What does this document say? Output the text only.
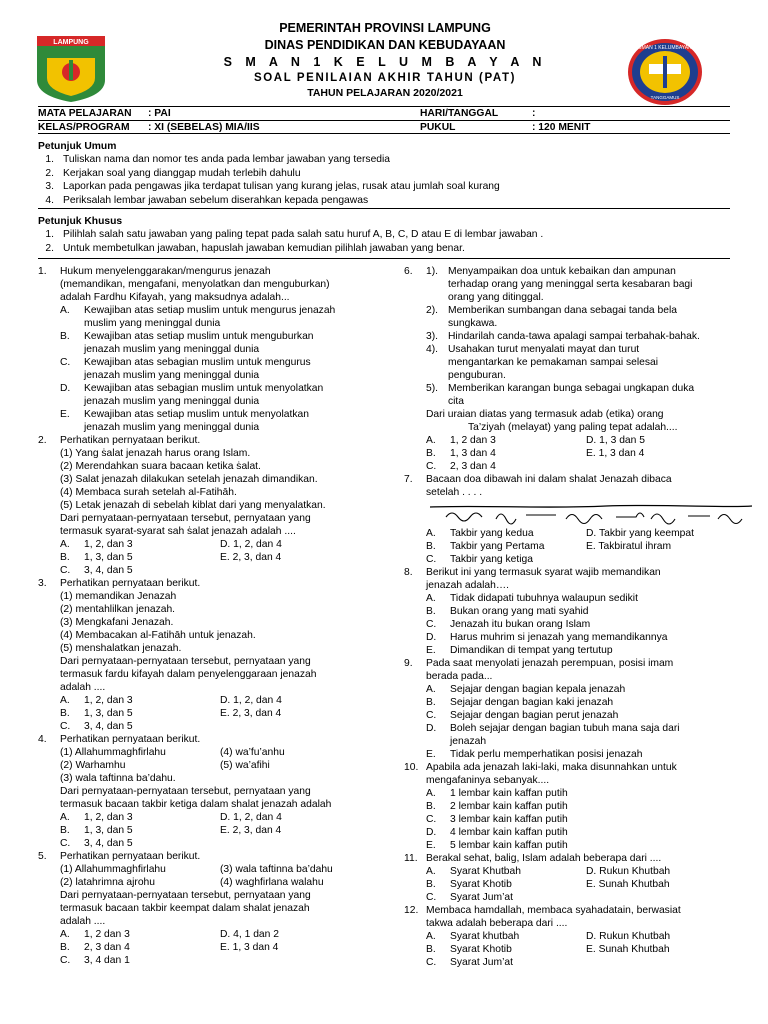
LAMPUNG
PEMERINTAH PROVINSI LAMPUNG
DINAS PENDIDIKAN DAN KEBUDAYAAN
S M A N 1 K E L U M B A Y A N
SOAL PENILAIAN AKHIR TAHUN (PAT)
TAHUN PELAJARAN 2020/2021
SMAN 1 KELUMBAYAN
TANGGAMUS
MATA PELAJARAN	: PAI	HARI/TANGGAL	:
KELAS/PROGRAM	: XI (SEBELAS) MIA/IIS	PUKUL	: 120 MENIT
Petunjuk Umum
1. Tuliskan nama dan nomor tes anda pada lembar jawaban yang tersedia
2. Kerjakan soal yang dianggap mudah terlebih dahulu
3. Laporkan pada pengawas jika terdapat tulisan yang kurang jelas, rusak atau jumlah soal kurang
4. Periksalah lembar jawaban sebelum diserahkan kepada pengawas
Petunjuk Khusus
1. Pilihlah salah satu jawaban yang paling tepat pada salah satu huruf A, B, C, D atau E di lembar jawaban .
2. Untuk membetulkan jawaban, hapuslah jawaban kemudian pilihlah jawaban yang benar.
1.	Hukum menyelenggarakan/mengurus jenazah
(memandikan, mengafani, menyolatkan dan menguburkan)
adalah Fardhu Kifayah, yang maksudnya adalah...
A.	Kewajiban atas setiap muslim untuk mengurus jenazah
muslim yang meninggal dunia
B.	Kewajiban atas setiap muslim untuk menguburkan
jenazah muslim yang meninggal dunia
C.	Kewajiban atas sebagian muslim untuk mengurus
jenazah muslim yang meninggal dunia
D.	Kewajiban atas sebagian muslim untuk menyolatkan
jenazah muslim yang meninggal dunia
E.	Kewajiban atas setiap muslim untuk menyolatkan
jenazah muslim yang meninggal dunia
2.	Perhatikan pernyataan berikut.
(1) Yang ṡalat jenazah harus orang Islam.
(2) Merendahkan suara bacaan ketika ṡalat.
(3) Salat jenazah dilakukan setelah jenazah dimandikan.
(4) Membaca surah setelah al-Fatihāh.
(5) Letak jenazah di sebelah kiblat dari yang menyalatkan.
Dari pernyataan-pernyataan tersebut, pernyataan yang
termasuk syarat-syarat sah ṡalat jenazah adalah ....
A.	1, 2, dan 3	D. 1, 2, dan 4
B.	1, 3, dan 5	E. 2, 3, dan 4
C.	3, 4, dan 5
3.	Perhatikan pernyataan berikut.
(1) memandikan Jenazah
(2) mentahlilkan jenazah.
(3) Mengkafani Jenazah.
(4) Membacakan al-Fatihāh untuk jenazah.
(5) menshalatkan jenazah.
Dari pernyataan-pernyataan tersebut, pernyataan yang
termasuk fardu kifayah dalam penyelenggaraan jenazah
adalah ....
A.	1, 2, dan 3	D. 1, 2, dan 4
B.	1, 3, dan 5	E. 2, 3, dan 4
C.	3, 4, dan 5
4.	Perhatikan pernyataan berikut.
(1) Allahummaghfirlahu	(4) wa’fu’anhu
(2) Warhamhu	(5) wa’afihi
(3) wala taftinna ba’dahu.
Dari pernyataan-pernyataan tersebut, pernyataan yang
termasuk bacaan takbir ketiga dalam shalat jenazah adalah
A.	1, 2, dan 3	D. 1, 2, dan 4
B.	1, 3, dan 5	E. 2, 3, dan 4
C.	3, 4, dan 5
5.	Perhatikan pernyataan berikut.
(1) Allahummaghfirlahu	(3) wala taftinna ba’dahu
(2) latahrimna ajrohu	(4) waghfirlana walahu
Dari pernyataan-pernyataan tersebut, pernyataan yang
termasuk bacaan takbir keempat dalam shalat jenazah
adalah ....
A.	1, 2 dan 3	D. 4, 1 dan 2
B.	2, 3 dan 4	E. 1, 3 dan 4
C.	3, 4 dan 1
6.	1). Menyampaikan doa untuk kebaikan dan ampunan
terhadap orang yang meninggal serta kesabaran bagi
orang yang ditinggal.
2). Memberikan sumbangan dana sebagai tanda bela
sungkawa.
3). Hindarilah canda-tawa apalagi sampai terbahak-bahak.
4). Usahakan turut menyalati mayat dan turut
mengantarkan ke pemakaman sampai selesai
penguburan.
5). Memberikan karangan bunga sebagai ungkapan duka
cita
Dari uraian diatas yang termasuk adab (etika) orang
Ta’ziyah (melayat) yang paling tepat adalah....
A.	1, 2 dan 3	D. 1, 3 dan 5
B.	1, 3 dan 4	E. 1, 3 dan 4
C.	2, 3 dan 4
7.	Bacaan doa dibawah ini dalam shalat Jenazah dibaca
setelah . . . .
A.	Takbir yang kedua	D. Takbir yang keempat
B.	Takbir yang Pertama	E. Takbiratul ihram
C.	Takbir yang ketiga
8.	Berikut ini yang termasuk syarat wajib memandikan
jenazah adalah….
A.	Tidak didapati tubuhnya walaupun sedikit
B.	Bukan orang yang mati syahid
C.	Jenazah itu bukan orang Islam
D.	Harus muhrim si jenazah yang memandikannya
E.	Dimandikan di tempat yang tertutup
9.	Pada saat menyolati jenazah perempuan, posisi imam
berada pada...
A.	Sejajar dengan bagian kepala jenazah
B.	Sejajar dengan bagian kaki jenazah
C.	Sejajar dengan bagian perut jenazah
D.	Boleh sejajar dengan bagian tubuh mana saja dari
jenazah
E.	Tidak perlu memperhatikan posisi jenazah
10. Apabila ada jenazah laki-laki, maka disunnahkan untuk
mengafaninya sebanyak....
A.	1 lembar kain kaffan putih
B.	2 lembar kain kaffan putih
C.	3 lembar kain kaffan putih
D.	4 lembar kain kaffan putih
E.	5 lembar kain kaffan putih
11. Berakal sehat, balig, Islam adalah beberapa dari ....
A.	Syarat Khutbah	D. Rukun Khutbah
B.	Syarat Khotib	E. Sunah Khutbah
C.	Syarat Jum’at
12. Membaca hamdallah, membaca syahadatain, berwasiat
takwa adalah beberapa dari ....
A.	Syarat khutbah	D. Rukun Khutbah
B.	Syarat Khotib	E. Sunah Khutbah
C.	Syarat Jum’at
